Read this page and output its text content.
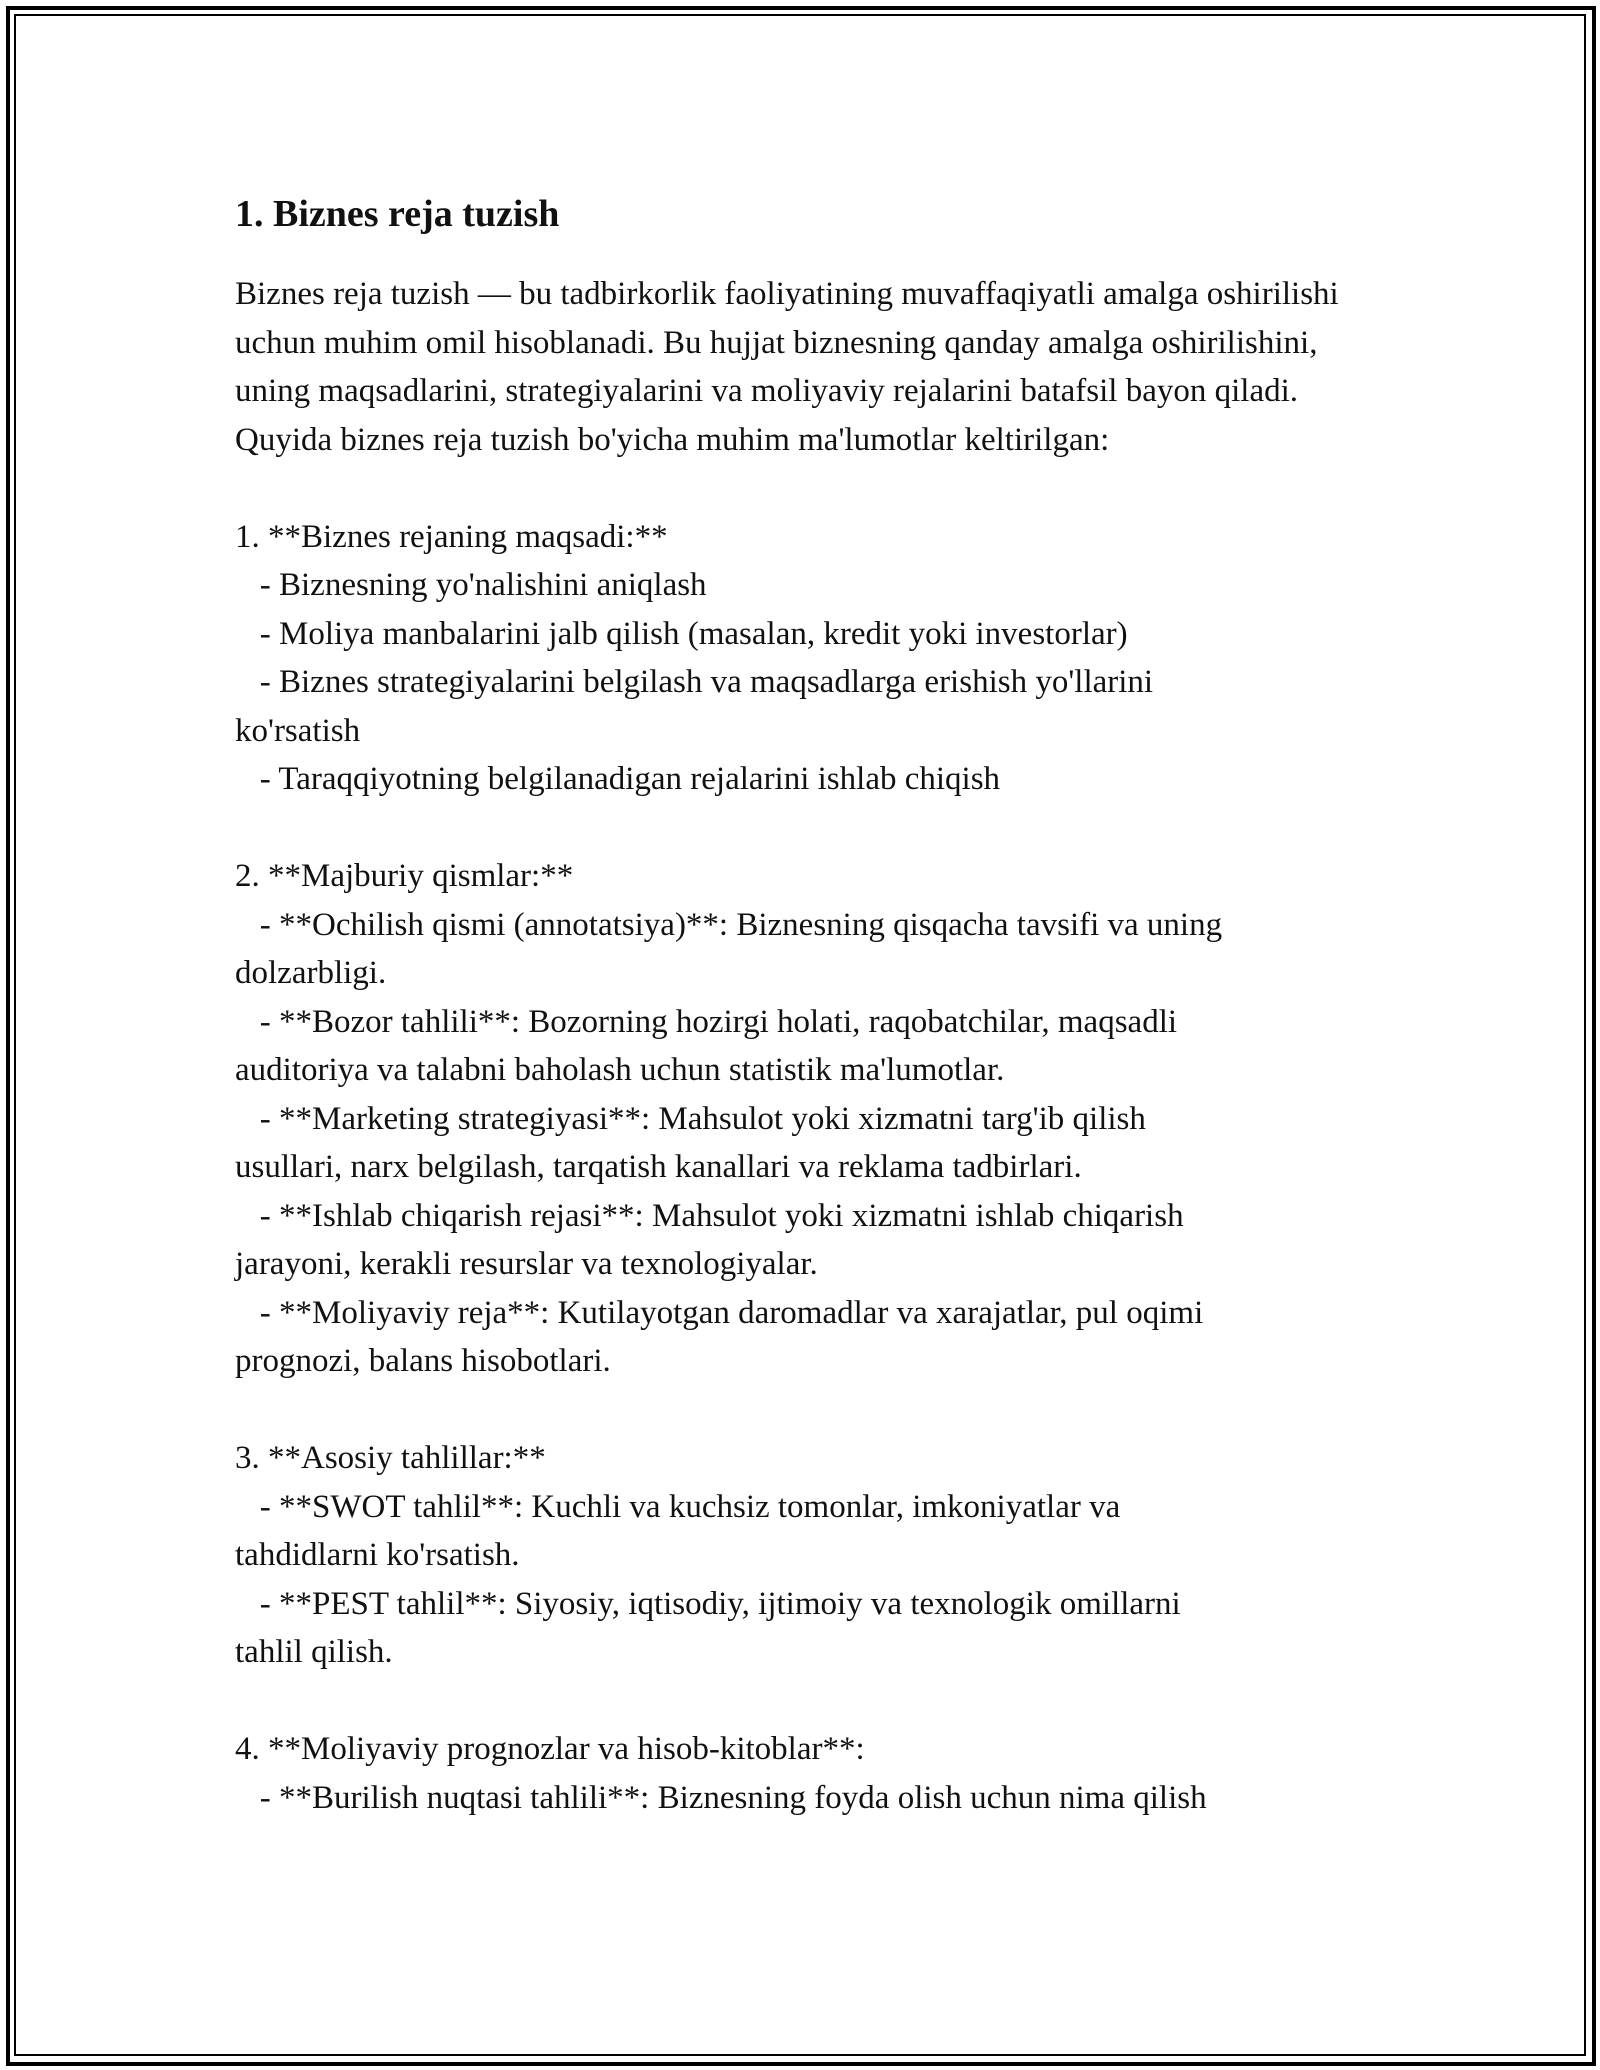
1. Biznes reja tuzish

Biznes reja tuzish — bu tadbirkorlik faoliyatining muvaffaqiyatli amalga oshirilishi uchun muhim omil hisoblanadi. Bu hujjat biznesning qanday amalga oshirilishini, uning maqsadlarini, strategiyalarini va moliyaviy rejalarini batafsil bayon qiladi. Quyida biznes reja tuzish bo'yicha muhim ma'lumotlar keltirilgan:

1. **Biznes rejaning maqsadi:**
- Biznesning yo'nalishini aniqlash
- Moliya manbalarini jalb qilish (masalan, kredit yoki investorlar)
- Biznes strategiyalarini belgilash va maqsadlarga erishish yo'llarini
ko'rsatish
- Taraqqiyotning belgilanadigan rejalarini ishlab chiqish
2. **Majburiy qismlar:**
- **Ochilish qismi (annotatsiya)**: Biznesning qisqacha tavsifi va uning
dolzarbligi.
- **Bozor tahlili**: Bozorning hozirgi holati, raqobatchilar, maqsadli
auditoriya va talabni baholash uchun statistik ma'lumotlar.
- **Marketing strategiyasi**: Mahsulot yoki xizmatni targ'ib qilish
usullari, narx belgilash, tarqatish kanallari va reklama tadbirlari.
- **Ishlab chiqarish rejasi**: Mahsulot yoki xizmatni ishlab chiqarish
jarayoni, kerakli resurslar va texnologiyalar.
- **Moliyaviy reja**: Kutilayotgan daromadlar va xarajatlar, pul oqimi
prognozi, balans hisobotlari.
3. **Asosiy tahlillar:**
- **SWOT tahlil**: Kuchli va kuchsiz tomonlar, imkoniyatlar va
tahdidlarni ko'rsatish.
- **PEST tahlil**: Siyosiy, iqtisodiy, ijtimoiy va texnologik omillarni
tahlil qilish.
4. **Moliyaviy prognozlar va hisob-kitoblar**:
- **Burilish nuqtasi tahlili**: Biznesning foyda olish uchun nima qilish
